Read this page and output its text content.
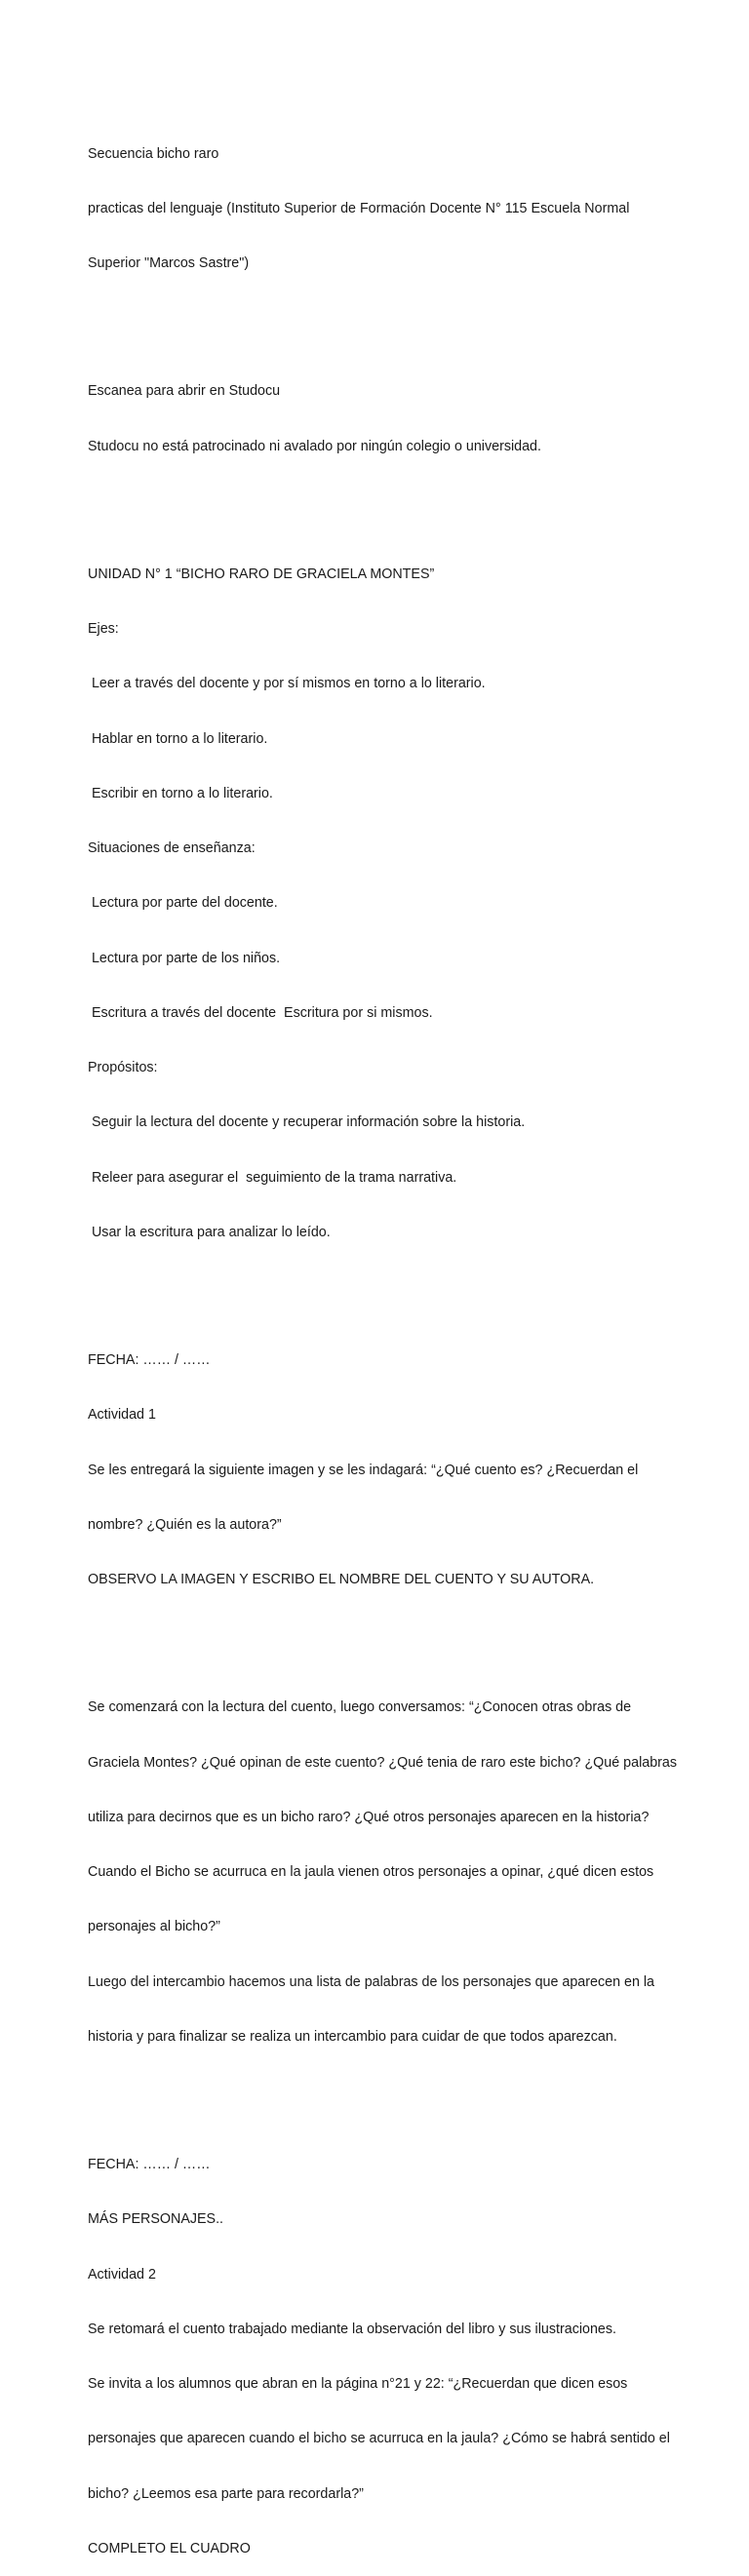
Secuencia bicho raro

practicas del lenguaje (Instituto Superior de Formación Docente N° 115 Escuela Normal

Superior "Marcos Sastre")

Escanea para abrir en Studocu

Studocu no está patrocinado ni avalado por ningún colegio o universidad.

UNIDAD N° 1 “BICHO RARO DE GRACIELA MONTES”

Ejes:

Leer a través del docente y por sí mismos en torno a lo literario.

Hablar en torno a lo literario.

Escribir en torno a lo literario.

Situaciones de enseñanza:

Lectura por parte del docente.

Lectura por parte de los niños.

Escritura a través del docente  Escritura por si mismos.

Propósitos:

Seguir la lectura del docente y recuperar información sobre la historia.

Releer para asegurar el  seguimiento de la trama narrativa.

Usar la escritura para analizar lo leído.

FECHA: …… / ……

Actividad 1

Se les entregará la siguiente imagen y se les indagará: “¿Qué cuento es? ¿Recuerdan el

nombre? ¿Quién es la autora?”

OBSERVO LA IMAGEN Y ESCRIBO EL NOMBRE DEL CUENTO Y SU AUTORA.

Se comenzará con la lectura del cuento, luego conversamos: “¿Conocen otras obras de

Graciela Montes? ¿Qué opinan de este cuento? ¿Qué tenia de raro este bicho? ¿Qué palabras

utiliza para decirnos que es un bicho raro? ¿Qué otros personajes aparecen en la historia?

Cuando el Bicho se acurruca en la jaula vienen otros personajes a opinar, ¿qué dicen estos

personajes al bicho?”

Luego del intercambio hacemos una lista de palabras de los personajes que aparecen en la

historia y para finalizar se realiza un intercambio para cuidar de que todos aparezcan.

FECHA: …… / ……

MÁS PERSONAJES..

Actividad 2

Se retomará el cuento trabajado mediante la observación del libro y sus ilustraciones.

Se invita a los alumnos que abran en la página n°21 y 22: “¿Recuerdan que dicen esos

personajes que aparecen cuando el bicho se acurruca en la jaula? ¿Cómo se habrá sentido el

bicho? ¿Leemos esa parte para recordarla?”

COMPLETO EL CUADRO
